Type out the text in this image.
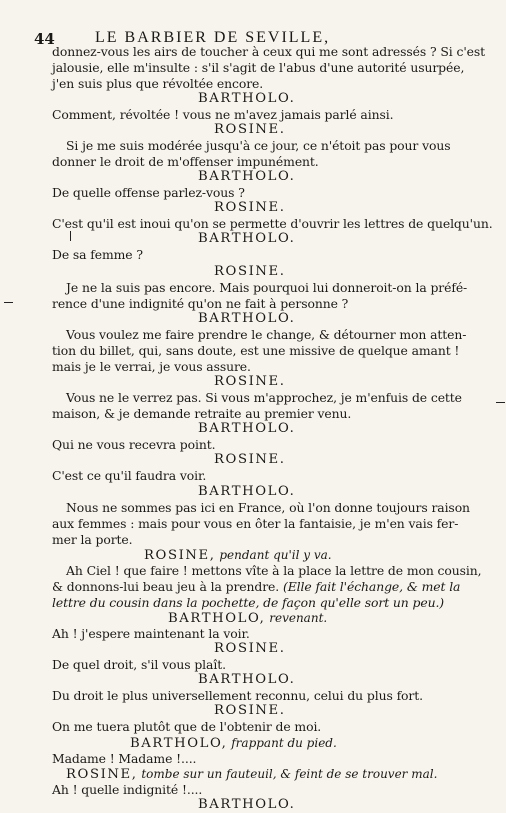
44	LE BARBIER DE SEVILLE,
donnez-vous les airs de toucher à ceux qui me sont adressés ? Si c'est
jalousie, elle m'insulte : s'il s'agit de l'abus d'une autorité usurpée,
j'en suis plus que révoltée encore.
BARTHOLO.
Comment, révoltée ! vous ne m'avez jamais parlé ainsi.
ROSINE.
Si je me suis modérée jusqu'à ce jour, ce n'étoit pas pour vous
donner le droit de m'offenser impunément.
BARTHOLO.
De quelle offense parlez-vous ?
ROSINE.
C'est qu'il est inoui qu'on se permette d'ouvrir les lettres de quelqu'un.
BARTHOLO.
De sa femme ?
ROSINE.
Je ne la suis pas encore. Mais pourquoi lui donneroit-on la préfé-
rence d'une indignité qu'on ne fait à personne ?
BARTHOLO.
Vous voulez me faire prendre le change, & détourner mon atten-
tion du billet, qui, sans doute, est une missive de quelque amant !
mais je le verrai, je vous assure.
ROSINE.
Vous ne le verrez pas. Si vous m'approchez, je m'enfuis de cette
maison, & je demande retraite au premier venu.
BARTHOLO.
Qui ne vous recevra point.
ROSINE.
C'est ce qu'il faudra voir.
BARTHOLO.
Nous ne sommes pas ici en France, où l'on donne toujours raison
aux femmes : mais pour vous en ôter la fantaisie, je m'en vais fer-
mer la porte.
ROSINE, pendant qu'il y va.
Ah Ciel ! que faire ! mettons vîte à la place la lettre de mon cousin,
& donnons-lui beau jeu à la prendre. (Elle fait l'échange, & met la
lettre du cousin dans la pochette, de façon qu'elle sort un peu.)
BARTHOLO, revenant.
Ah ! j'espere maintenant la voir.
ROSINE.
De quel droit, s'il vous plaît.
BARTHOLO.
Du droit le plus universellement reconnu, celui du plus fort.
ROSINE.
On me tuera plutôt que de l'obtenir de moi.
BARTHOLO, frappant du pied.
Madame ! Madame !....
ROSINE, tombe sur un fauteuil, & feint de se trouver mal.
Ah ! quelle indignité !....
BARTHOLO.
